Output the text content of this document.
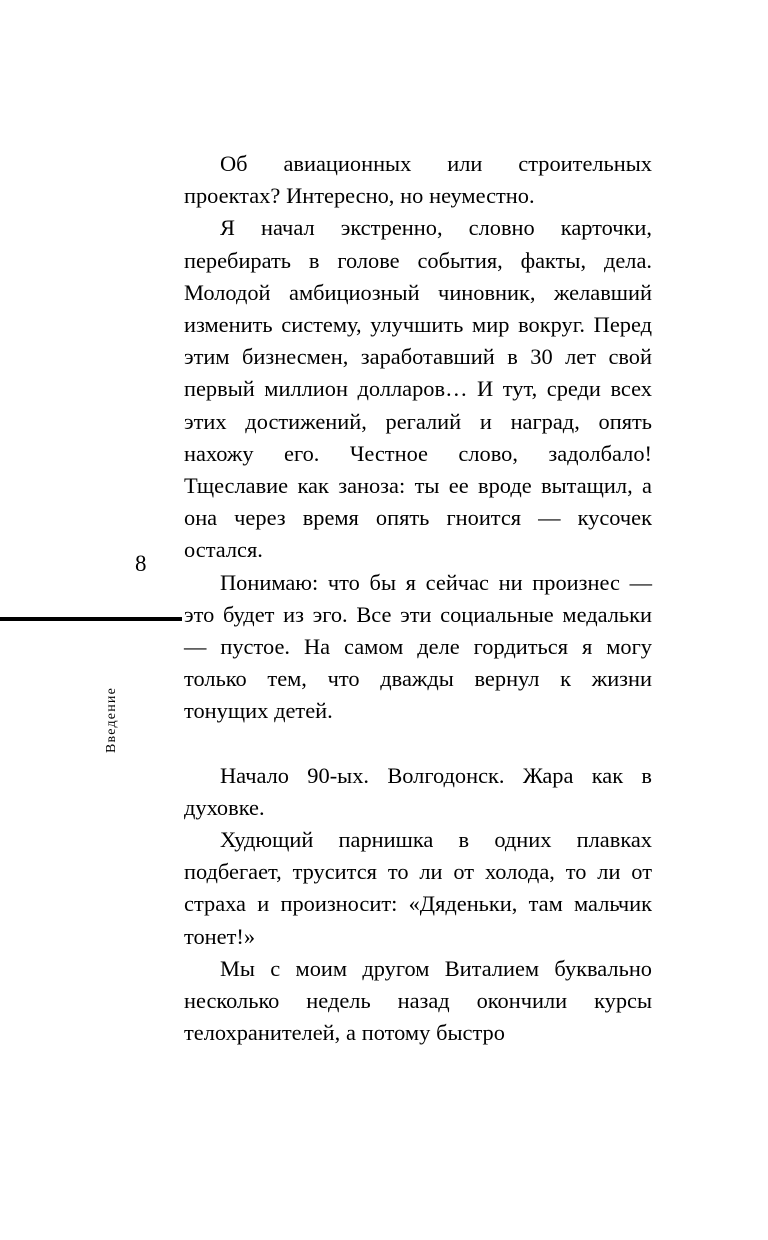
8
Введение

Об авиационных или строительных проектах? Интересно, но неуместно.

Я начал экстренно, словно карточки, перебирать в голове события, факты, дела. Молодой амбициозный чиновник, желавший изменить систему, улучшить мир вокруг. Перед этим бизнесмен, заработавший в 30 лет свой первый миллион долларов… И тут, среди всех этих достижений, регалий и наград, опять нахожу его. Честное слово, задолбало! Тщеславие как заноза: ты ее вроде вытащил, а она через время опять гноится — кусочек остался.

Понимаю: что бы я сейчас ни произнес — это будет из эго. Все эти социальные медальки — пустое. На самом деле гордиться я могу только тем, что дважды вернул к жизни тонущих детей.

Начало 90-ых. Волгодонск. Жара как в духовке.

Худющий парнишка в одних плавках подбегает, трусится то ли от холода, то ли от страха и произносит: «Дяденьки, там мальчик тонет!»

Мы с моим другом Виталием буквально несколько недель назад окончили курсы телохранителей, а потому быстро
